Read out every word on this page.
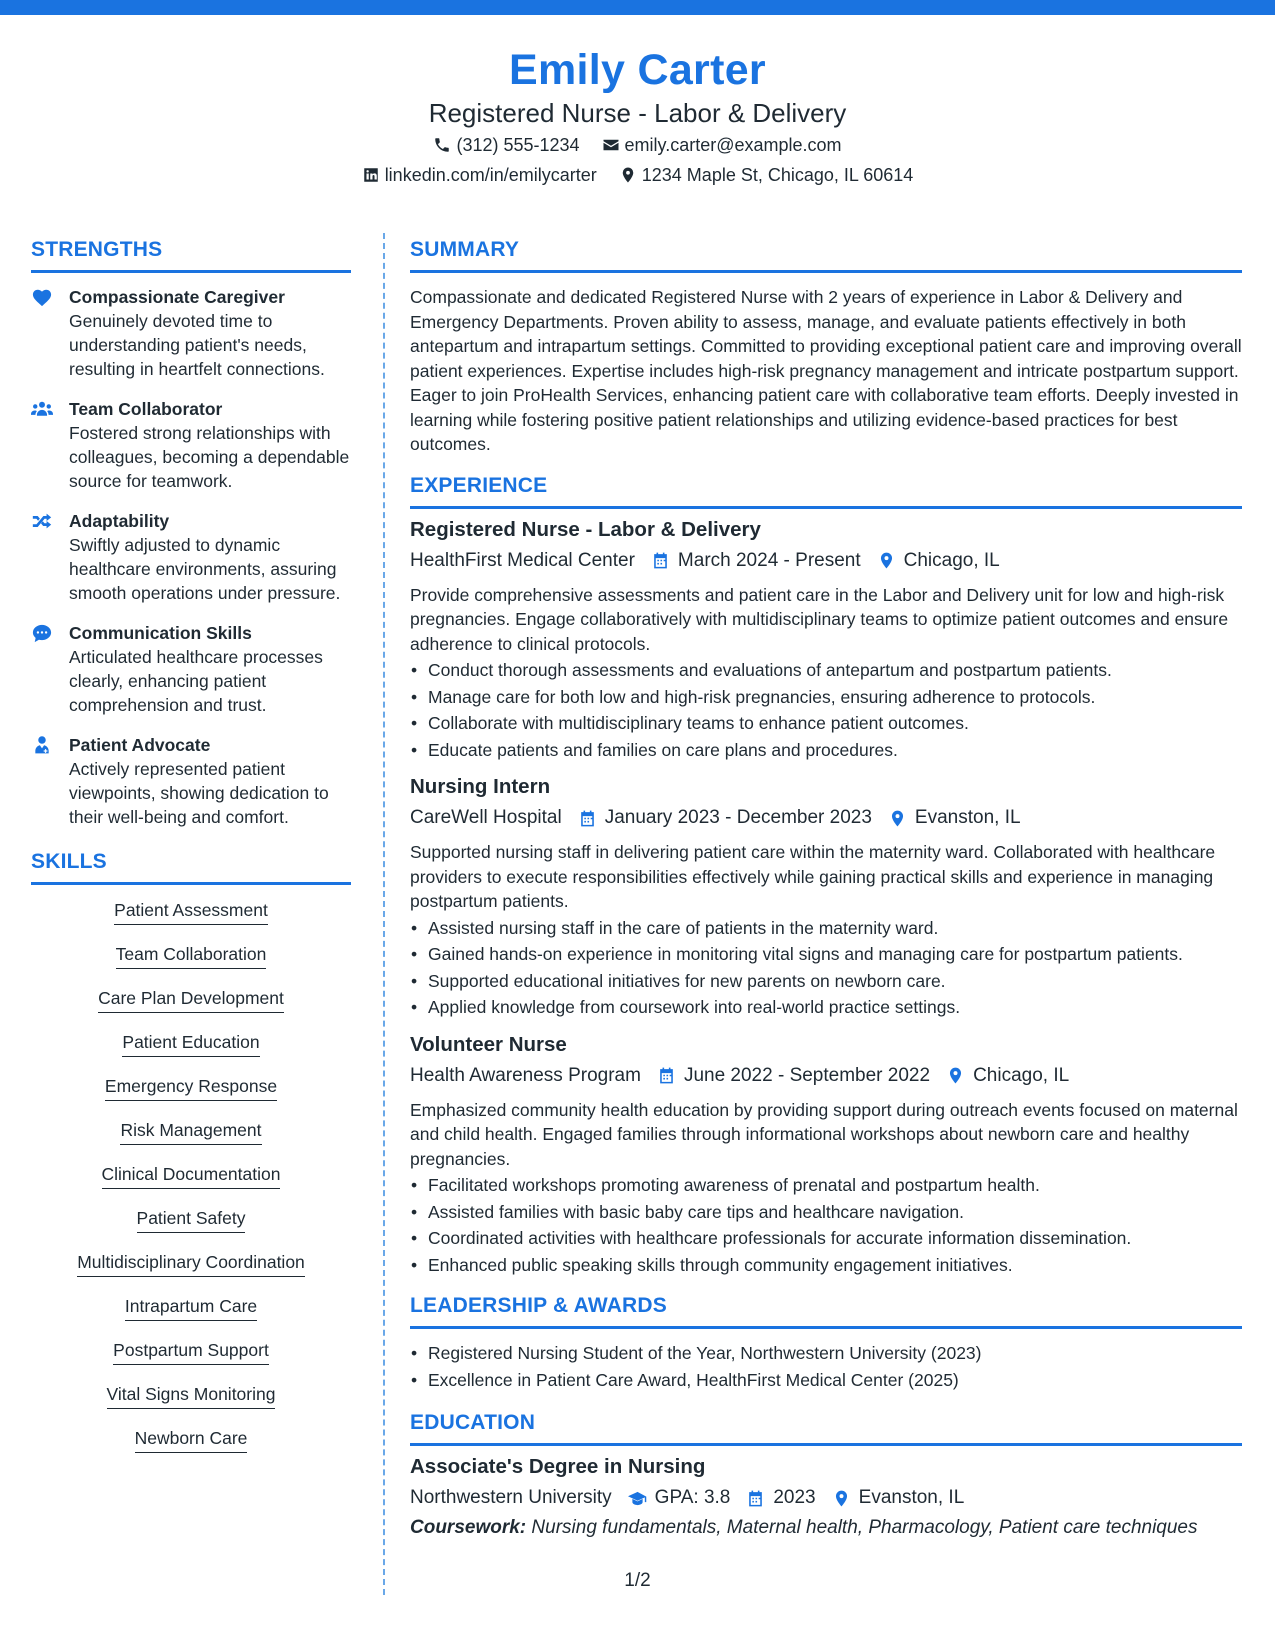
Emily Carter
Registered Nurse - Labor & Delivery
(312) 555-1234	emily.carter@example.com
linkedin.com/in/emilycarter	1234 Maple St, Chicago, IL 60614
STRENGTHS
Compassionate Caregiver
Genuinely devoted time to understanding patient's needs, resulting in heartfelt connections.
Team Collaborator
Fostered strong relationships with colleagues, becoming a dependable source for teamwork.
Adaptability
Swiftly adjusted to dynamic healthcare environments, assuring smooth operations under pressure.
Communication Skills
Articulated healthcare processes clearly, enhancing patient comprehension and trust.
Patient Advocate
Actively represented patient viewpoints, showing dedication to their well-being and comfort.
SKILLS
Patient Assessment
Team Collaboration
Care Plan Development
Patient Education
Emergency Response
Risk Management
Clinical Documentation
Patient Safety
Multidisciplinary Coordination
Intrapartum Care
Postpartum Support
Vital Signs Monitoring
Newborn Care
SUMMARY
Compassionate and dedicated Registered Nurse with 2 years of experience in Labor & Delivery and Emergency Departments. Proven ability to assess, manage, and evaluate patients effectively in both antepartum and intrapartum settings. Committed to providing exceptional patient care and improving overall patient experiences. Expertise includes high-risk pregnancy management and intricate postpartum support. Eager to join ProHealth Services, enhancing patient care with collaborative team efforts. Deeply invested in learning while fostering positive patient relationships and utilizing evidence-based practices for best outcomes.
EXPERIENCE
Registered Nurse - Labor & Delivery
HealthFirst Medical Center March 2024 - Present Chicago, IL
Provide comprehensive assessments and patient care in the Labor and Delivery unit for low and high-risk pregnancies. Engage collaboratively with multidisciplinary teams to optimize patient outcomes and ensure adherence to clinical protocols.
• Conduct thorough assessments and evaluations of antepartum and postpartum patients.
• Manage care for both low and high-risk pregnancies, ensuring adherence to protocols.
• Collaborate with multidisciplinary teams to enhance patient outcomes.
• Educate patients and families on care plans and procedures.
Nursing Intern
CareWell Hospital January 2023 - December 2023 Evanston, IL
Supported nursing staff in delivering patient care within the maternity ward. Collaborated with healthcare providers to execute responsibilities effectively while gaining practical skills and experience in managing postpartum patients.
• Assisted nursing staff in the care of patients in the maternity ward.
• Gained hands-on experience in monitoring vital signs and managing care for postpartum patients.
• Supported educational initiatives for new parents on newborn care.
• Applied knowledge from coursework into real-world practice settings.
Volunteer Nurse
Health Awareness Program June 2022 - September 2022 Chicago, IL
Emphasized community health education by providing support during outreach events focused on maternal and child health. Engaged families through informational workshops about newborn care and healthy pregnancies.
• Facilitated workshops promoting awareness of prenatal and postpartum health.
• Assisted families with basic baby care tips and healthcare navigation.
• Coordinated activities with healthcare professionals for accurate information dissemination.
• Enhanced public speaking skills through community engagement initiatives.
LEADERSHIP & AWARDS
• Registered Nursing Student of the Year, Northwestern University (2023)
• Excellence in Patient Care Award, HealthFirst Medical Center (2025)
EDUCATION
Associate's Degree in Nursing
Northwestern University GPA: 3.8 2023 Evanston, IL
Coursework: Nursing fundamentals, Maternal health, Pharmacology, Patient care techniques
1/2
